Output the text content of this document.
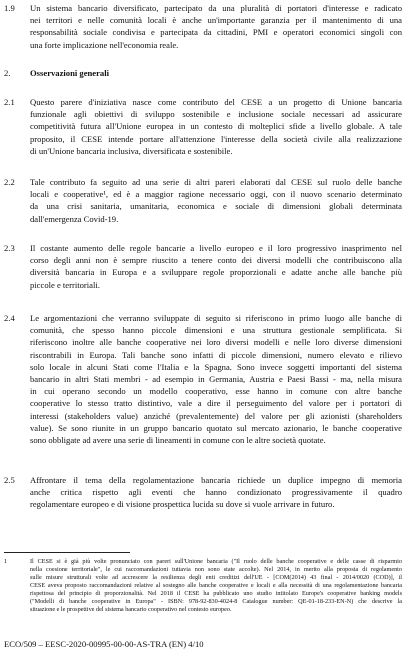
1.9 Un sistema bancario diversificato, partecipato da una pluralità di portatori d'interesse e radicato
nei territori e nelle comunità locali è anche un'importante garanzia per il mantenimento di una
responsabilità sociale condivisa e partecipata da cittadini, PMI e operatori economici singoli con
una forte implicazione nell'economia reale.
2. Osservazioni generali
2.1 Questo parere d'iniziativa nasce come contributo del CESE a un progetto di Unione bancaria
funzionale agli obiettivi di sviluppo sostenibile e inclusione sociale necessari ad assicurare
competitività futura all'Unione europea in un contesto di molteplici sfide a livello globale. A tale
proposito, il CESE intende portare all'attenzione l'interesse della società civile alla realizzazione
di un'Unione bancaria inclusiva, diversificata e sostenibile.
2.2 Tale contributo fa seguito ad una serie di altri pareri elaborati dal CESE sul ruolo delle banche
locali e cooperative¹, ed è a maggior ragione necessario oggi, con il nuovo scenario determinato
da una crisi sanitaria, umanitaria, economica e sociale di dimensioni globali determinata
dall'emergenza Covid-19.
2.3 Il costante aumento delle regole bancarie a livello europeo e il loro progressivo inasprimento nel
corso degli anni non è sempre riuscito a tenere conto dei diversi modelli che contribuiscono alla
diversità bancaria in Europa e a sviluppare regole proporzionali e adatte anche alle banche più
piccole e territoriali.
2.4 Le argomentazioni che verranno sviluppate di seguito si riferiscono in primo luogo alle banche di
comunità, che spesso hanno piccole dimensioni e una struttura gestionale semplificata. Si
riferiscono inoltre alle banche cooperative nei loro diversi modelli e nelle loro diverse dimensioni
riscontrabili in Europa. Tali banche sono infatti di piccole dimensioni, numero elevato e rilievo
solo locale in alcuni Stati come l'Italia e la Spagna. Sono invece soggetti importanti del sistema
bancario in altri Stati membri - ad esempio in Germania, Austria e Paesi Bassi - ma, nella misura
in cui operano secondo un modello cooperativo, esse hanno in comune con altre banche
cooperative lo stesso tratto distintivo, vale a dire il perseguimento del valore per i portatori di
interessi (stakeholders value) anziché (prevalentemente) del valore per gli azionisti (shareholders
value). Se sono riunite in un gruppo bancario quotato sul mercato azionario, le banche cooperative
sono obbligate ad avere una serie di lineamenti in comune con le altre società quotate.
2.5 Affrontare il tema della regolamentazione bancaria richiede un duplice impegno di memoria
anche critica rispetto agli eventi che hanno condizionato progressivamente il quadro
regolamentare europeo e di visione prospettica lucida su dove si vuole arrivare in futuro.
1	Il CESE si è già più volte pronunciato con pareri sull'Unione bancaria ("Il ruolo delle banche cooperative e delle casse di risparmio
nella coesione territoriale", le cui raccomandazioni tuttavia non sono state accolte). Nel 2014, in merito alla proposta di regolamento
sulle misure strutturali volte ad accrescere la resilienza degli enti creditizi dell'UE - [COM(2014) 43 final - 2014/0020 (COD)], il
CESE aveva proposto raccomandazioni relative al sostegno alle banche cooperative e locali e alla necessità di una regolamentazione bancaria
rispettosa del principio di proporzionalità. Nel 2018 il CESE ha pubblicato uno studio intitolato Europe's cooperative banking models
("Modelli di banche cooperative in Europa" - ISBN: 978-92-830-4024-8 Catalogue number: QE-01-18-233-EN-N) che descrive la
situazione e le prospettive del sistema bancario cooperativo nel contesto europeo.
ECO/509 – EESC-2020-00995-00-00-AS-TRA (EN) 4/10
